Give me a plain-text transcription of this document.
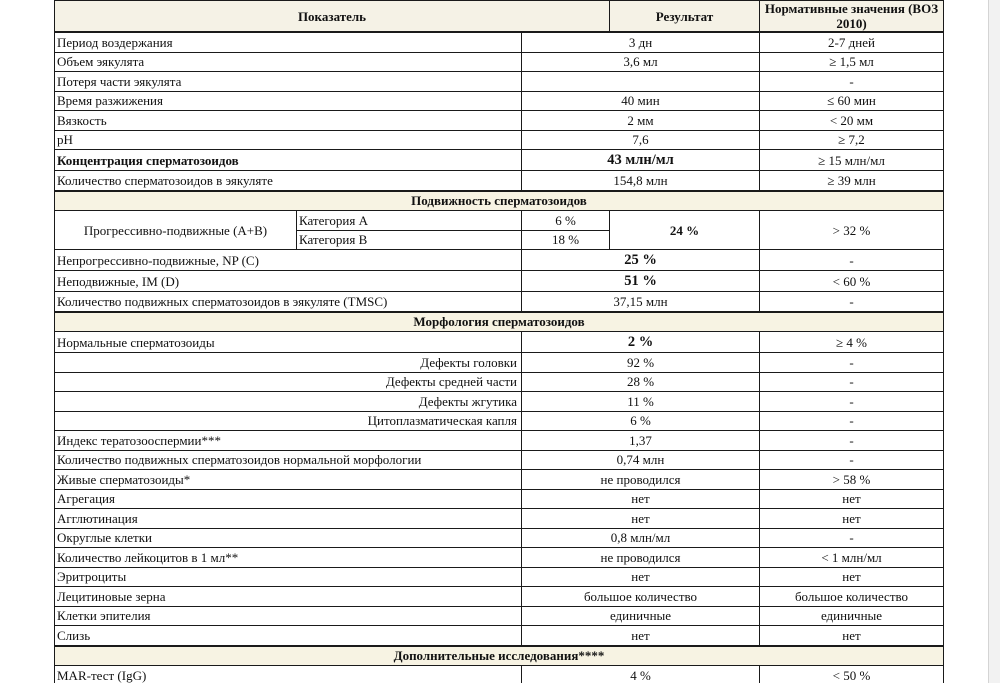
Показатель			Результат	Нормативные значения (ВОЗ 2010)
Период воздержания		3 дн		2-7 дней
Объем эякулята		3,6 мл		≥ 1,5 мл
Потеря части эякулята				-
Время разжижения		40 мин		≤ 60 мин
Вязкость		2 мм		< 20 мм
pH		7,6		≥ 7,2
Концентрация сперматозоидов		43 млн/мл		≥ 15 млн/мл
Количество сперматозоидов в эякуляте		154,8 млн		≥ 39 млн
Подвижность сперматозоидов				
Прогрессивно-подвижные (A+B)	Категория А	6 %	24 %	> 32 %
	Категория В	18 %		
Непрогрессивно-подвижные, NP (C)		25 %		-
Неподвижные, IM (D)		51 %		< 60 %
Количество подвижных сперматозоидов в эякуляте (TMSC)		37,15 млн		-
Морфология сперматозоидов				
Нормальные сперматозоиды		2 %		≥ 4 %
Дефекты головки		92 %		-
Дефекты средней части		28 %		-
Дефекты жгутика		11 %		-
Цитоплазматическая капля		6 %		-
Индекс тератозооспермии***		1,37		-
Количество подвижных сперматозоидов нормальной морфологии		0,74 млн		-
Живые сперматозоиды*		не проводился		> 58 %
Агрегация		нет		нет
Агглютинация		нет		нет
Округлые клетки		0,8 млн/мл		-
Количество лейкоцитов в 1 мл**		не проводился		< 1 млн/мл
Эритроциты		нет		нет
Лецитиновые зерна		большое количество		большое количество
Клетки эпителия		единичные		единичные
Слизь		нет		нет
Дополнительные исследования****				
MAR-тест (IgG)		4 %		< 50 %
